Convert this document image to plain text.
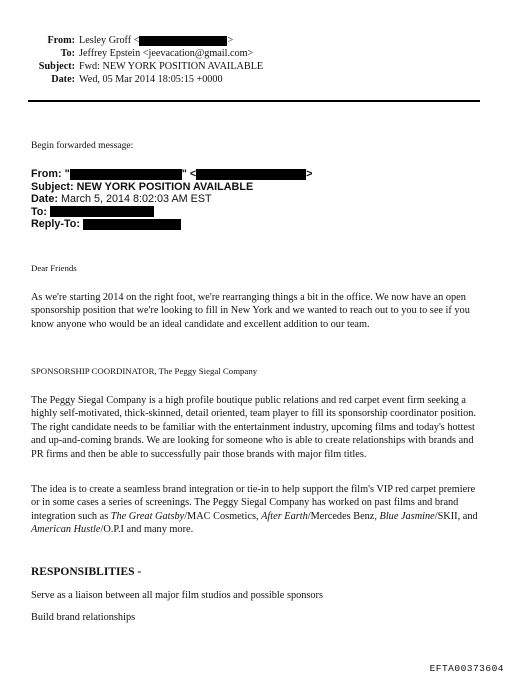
From: Lesley Groff <	>
To: Jeffrey Epstein <jeevacation@gmail.com>
Subject: Fwd: NEW YORK POSITION AVAILABLE
Date: Wed, 05 Mar 2014 18:05:15 +0000
Begin forwarded message:
From: "	" <	>
Subject: NEW YORK POSITION AVAILABLE
Date: March 5, 2014 8:02:03 AM EST
To:
Reply-To:
Dear Friends
As we're starting 2014 on the right foot, we're rearranging things a bit in the office. We now have an open sponsorship position that we're looking to fill in New York and we wanted to reach out to you to see if you know anyone who would be an ideal candidate and excellent addition to our team.
SPONSORSHIP COORDINATOR, The Peggy Siegal Company
The Peggy Siegal Company is a high profile boutique public relations and red carpet event firm seeking a highly self-motivated, thick-skinned, detail oriented, team player to fill its sponsorship coordinator position. The right candidate needs to be familiar with the entertainment industry, upcoming films and today's hottest and up-and-coming brands. We are looking for someone who is able to create relationships with brands and PR firms and then be able to successfully pair those brands with major film titles.
The idea is to create a seamless brand integration or tie-in to help support the film's VIP red carpet premiere or in some cases a series of screenings. The Peggy Siegal Company has worked on past films and brand integration such as The Great Gatsby/MAC Cosmetics, After Earth/Mercedes Benz, Blue Jasmine/SKII, and American Hustle/O.P.I and many more.
RESPONSIBLITIES -
Serve as a liaison between all major film studios and possible sponsors
Build brand relationships
EFTA00373604
